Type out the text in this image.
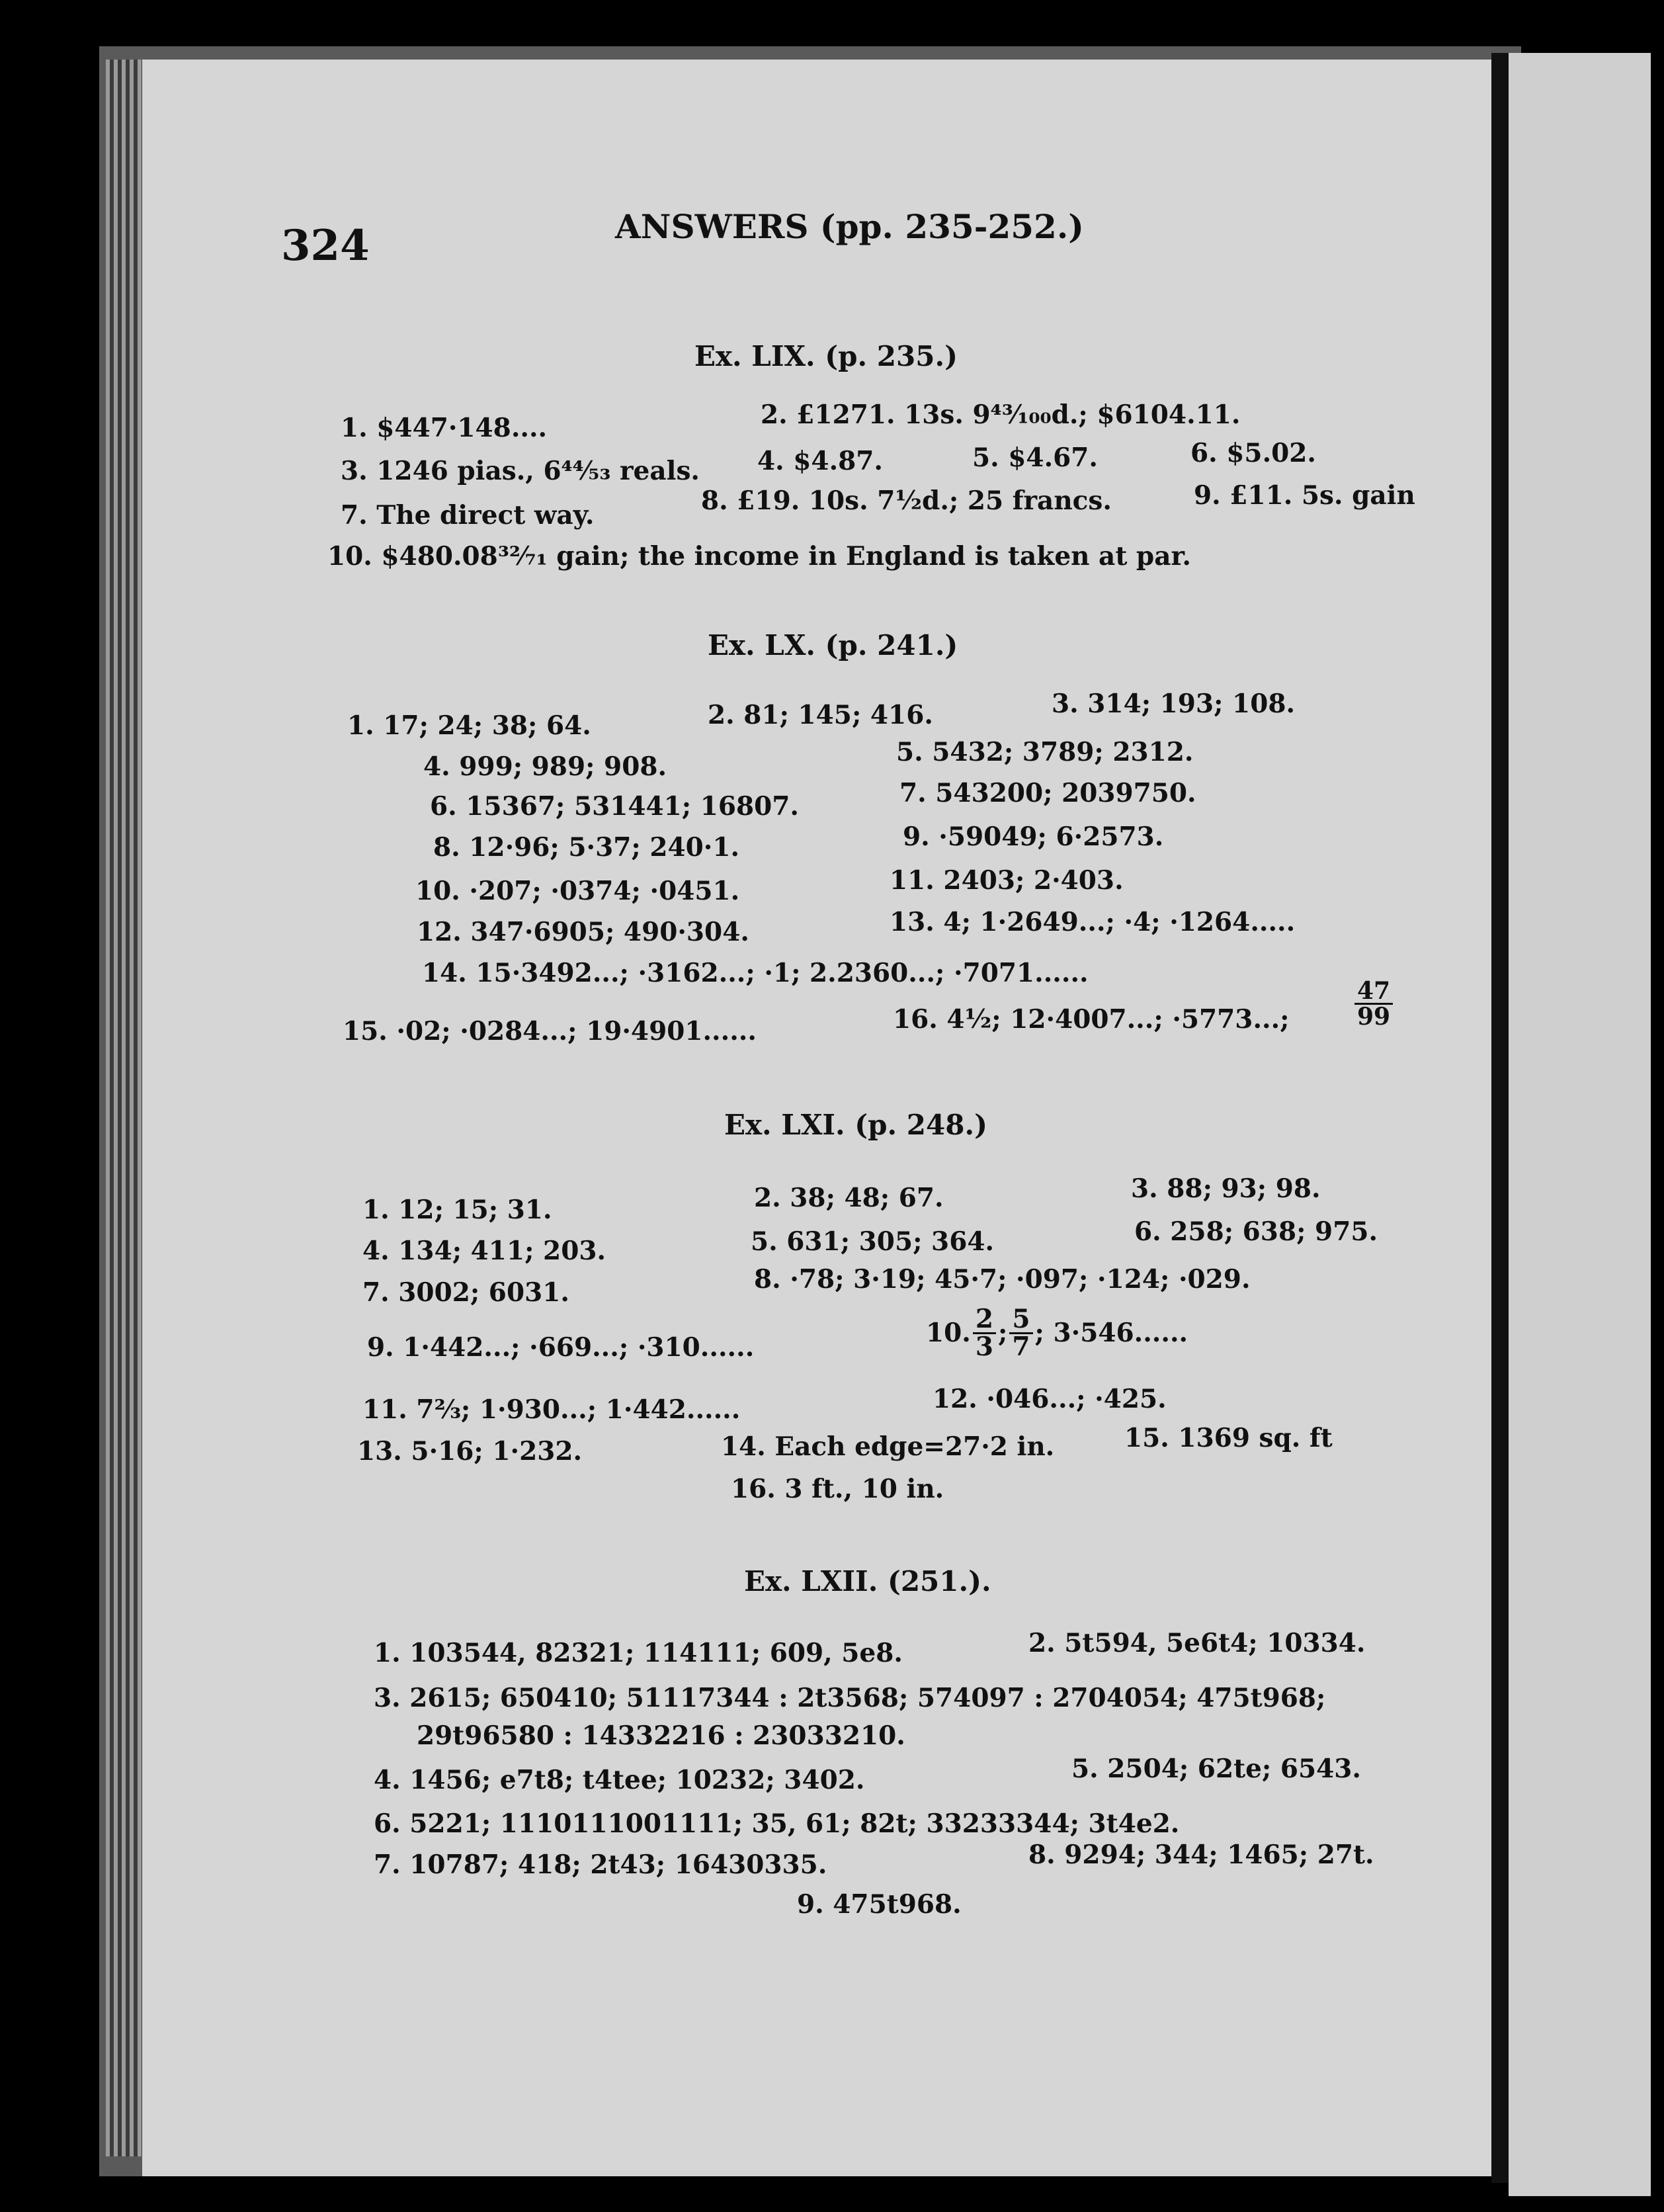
324	ANSWERS (pp. 235-252.)
Ex. LIX. (p. 235.)
1. $447·148....	2. £1271. 13s. 9⁴³⁄₁₀₀d.; $6104.11.
3. 1246 pias., 6⁴⁴⁄₅₃ reals. 4. $4.87.	5. $4.67.	6. $5.02.
7. The direct way.	8. £19. 10s. 7½d.; 25 francs.	9. £11. 5s. gain
10. $480.08³²⁄₇₁ gain; the income in England is taken at par.
Ex. LX. (p. 241.)
1. 17; 24; 38; 64.	2. 81; 145; 416.	3. 314; 193; 108.
4. 999; 989; 908.	5. 5432; 3789; 2312.
6. 15367; 531441; 16807.	7. 543200; 2039750.
8. 12·96; 5·37; 240·1.	9. ·59049; 6·2573.
10. ·207; ·0374; ·0451.	11. 2403; 2·403.
12. 347·6905; 490·304.	13. 4; 1·2649...; ·4; ·1264.....
14. 15·3492...; ·3162...; ·1; 2.2360...; ·7071......
15. ·02; ·0284...; 19·4901......	16. 4½; 12·4007...; ·5773...;	$\frac{47}{99}$
Ex. LXI. (p. 248.)
1. 12; 15; 31.	2. 38; 48; 67.	3. 88; 93; 98.
4. 134; 411; 203.	5. 631; 305; 364.	6. 258; 638; 975.
7. 3002; 6031.	8. ·78; 3·19; 45·7; ·097; ·124; ·029.
9. 1·442...; ·669...; ·310......	10. $\frac{2}{3}$ ; $\frac{5}{7}$ ; 3·546......
11. 7⅔; 1·930...; 1·442......	12. ·046...; ·425.
13. 5·16; 1·232.	14. Each edge=27·2 in.	15. 1369 sq. ft
16. 3 ft., 10 in.
Ex. LXII. (251.).
1. 103544, 82321; 114111; 609, 5e8.	2. 5t594, 5e6t4; 10334.
3. 2615; 650410; 51117344 : 2t3568; 574097 : 2704054; 475t968;
29t96580 : 14332216 : 23033210.
4. 1456; e7t8; t4tee; 10232; 3402.	5. 2504; 62te; 6543.
6. 5221; 1110111001111; 35, 61; 82t; 33233344; 3t4e2.
7. 10787; 418; 2t43; 16430335.	8. 9294; 344; 1465; 27t.
9. 475t968.
